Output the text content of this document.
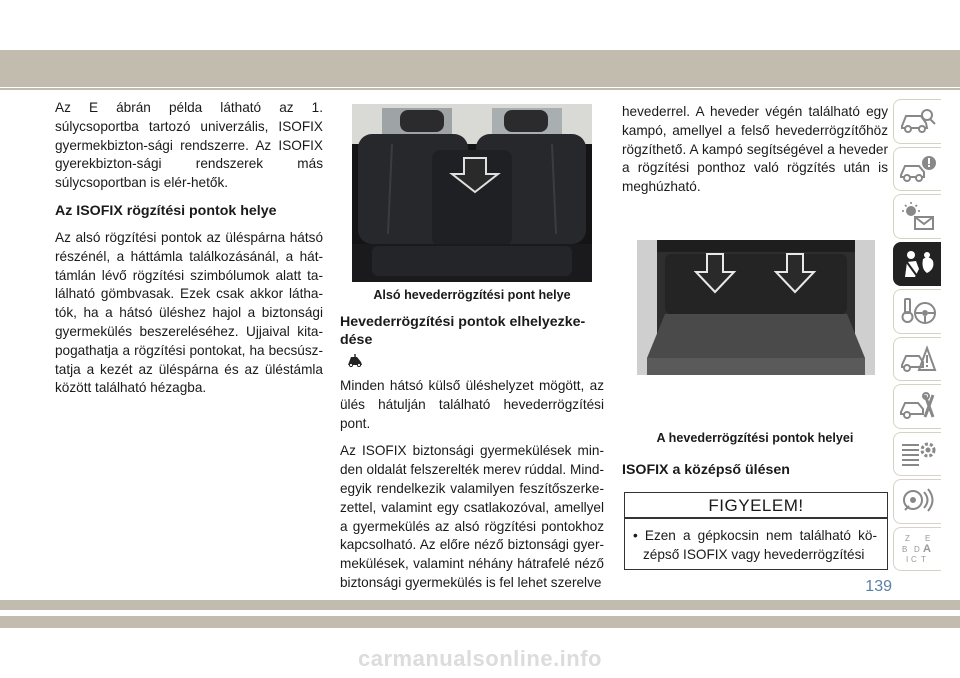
Az E ábrán példa látható az 1. súlycsoportba tartozó univerzális, ISOFIX gyermekbizton-sági rendszerre. Az ISOFIX gyerekbizton-sági rendszerek más súlycsoportban is elér-hetők.

Az ISOFIX rögzítési pontok helye

Az alsó rögzítési pontok az üléspárna hátsó részénél, a háttámla találkozásánál, a hát-támlán lévő rögzítési szimbólumok alatt ta-lálható gömbvasak. Ezek csak akkor látha-tók, ha a hátsó üléshez hajol a biztonsági gyermekülés beszereléséhez. Ujjaival kita-pogathatja a rögzítési pontokat, ha becsúsz-tatja a kezét az üléspárna és az üléstámla között található hézagba.

Alsó hevederrögzítési pont helye
Hevederrögzítési pontok elhelyezke-dése

Minden hátsó külső üléshelyzet mögött, az ülés hátulján található hevederrögzítési pont.

Az ISOFIX biztonsági gyermekülések min-den oldalát felszerelték merev rúddal. Mind-egyik rendelkezik valamilyen feszítőszerke-zettel, valamint egy csatlakozóval, amellyel a gyermekülés az alsó rögzítési pontokhoz kapcsolható. Az előre néző biztonsági gyer-mekülések, valamint néhány hátrafelé néző biztonsági gyermekülés is fel lehet szerelve

hevederrel. A heveder végén található egy kampó, amellyel a felső hevederrögzítőhöz rögzíthető. A kampó segítségével a heveder a rögzítési ponthoz való rögzítés után is meghúzható.

A hevederrögzítési pontok helyei
ISOFIX a középső ülésen
FIGYELEM!
• Ezen a gépkocsin nem található kö-zépső ISOFIX vagy hevederrögzítési
Z E
B A
C
D
I T
139
carmanualsonline.info
